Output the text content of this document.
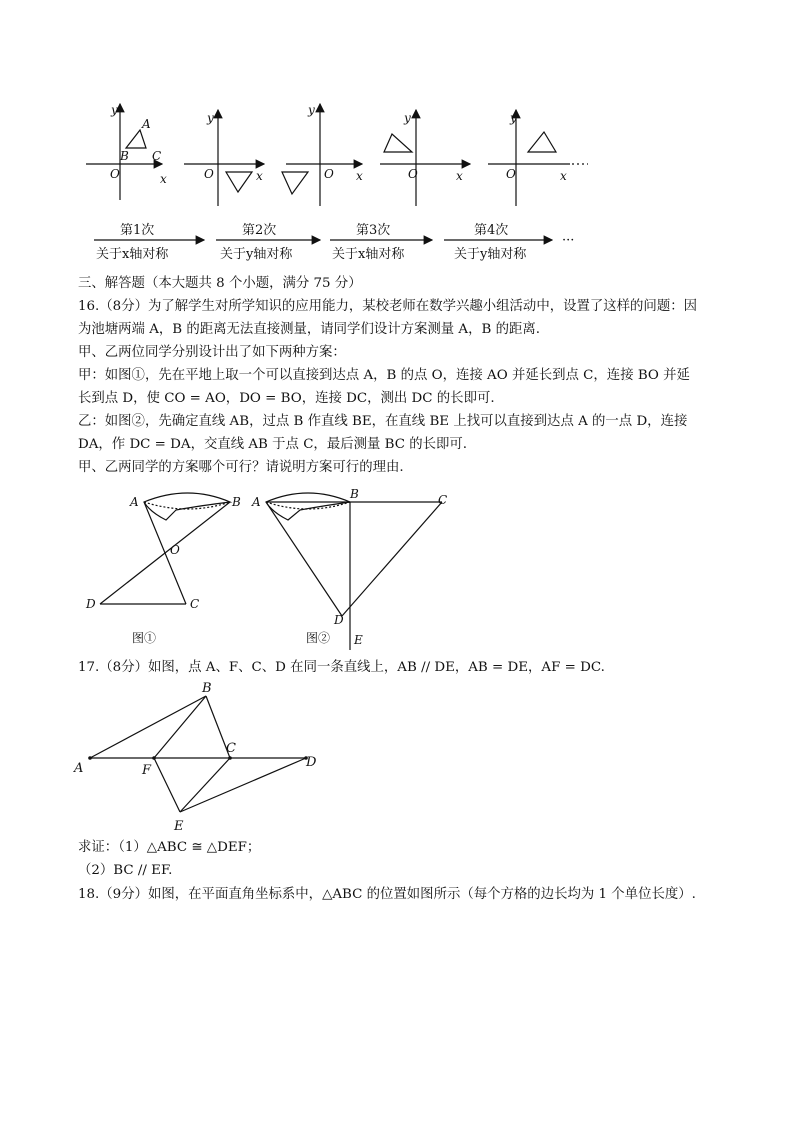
y
O	x
A
B C
y
O	x
y
O x
y
O	x
y
O	x
第1次
关于x轴对称
第2次
关于y轴对称
第3次
关于x轴对称
第4次
关于y轴对称
···
三、解答题（本大题共 8 个小题，满分 75 分）
16.（8分）为了解学生对所学知识的应用能力，某校老师在数学兴趣小组活动中，设置了这样的问题：因
为池塘两端 A，B 的距离无法直接测量，请同学们设计方案测量 A，B 的距离.
甲、乙两位同学分别设计出了如下两种方案：
甲：如图①，先在平地上取一个可以直接到达点 A，B 的点 O，连接 AO 并延长到点 C，连接 BO 并延
长到点 D，使 CO = AO，DO = BO，连接 DC，测出 DC 的长即可.
乙：如图②，先确定直线 AB，过点 B 作直线 BE，在直线 BE 上找可以直接到达点 A 的一点 D，连接
DA，作 DC = DA，交直线 AB 于点 C，最后测量 BC 的长即可.
甲、乙两同学的方案哪个可行？请说明方案可行的理由.
A	B
O
D	C
A
B	C
D
E
图①	图②
17.（8分）如图，点 A、F、C、D 在同一条直线上，AB // DE，AB = DE，AF = DC.
A
B
C
D
E
F
求证：（1）△ABC ≅ △DEF；
（2）BC // EF.
18.（9分）如图，在平面直角坐标系中，△ABC 的位置如图所示（每个方格的边长均为 1 个单位长度）.
